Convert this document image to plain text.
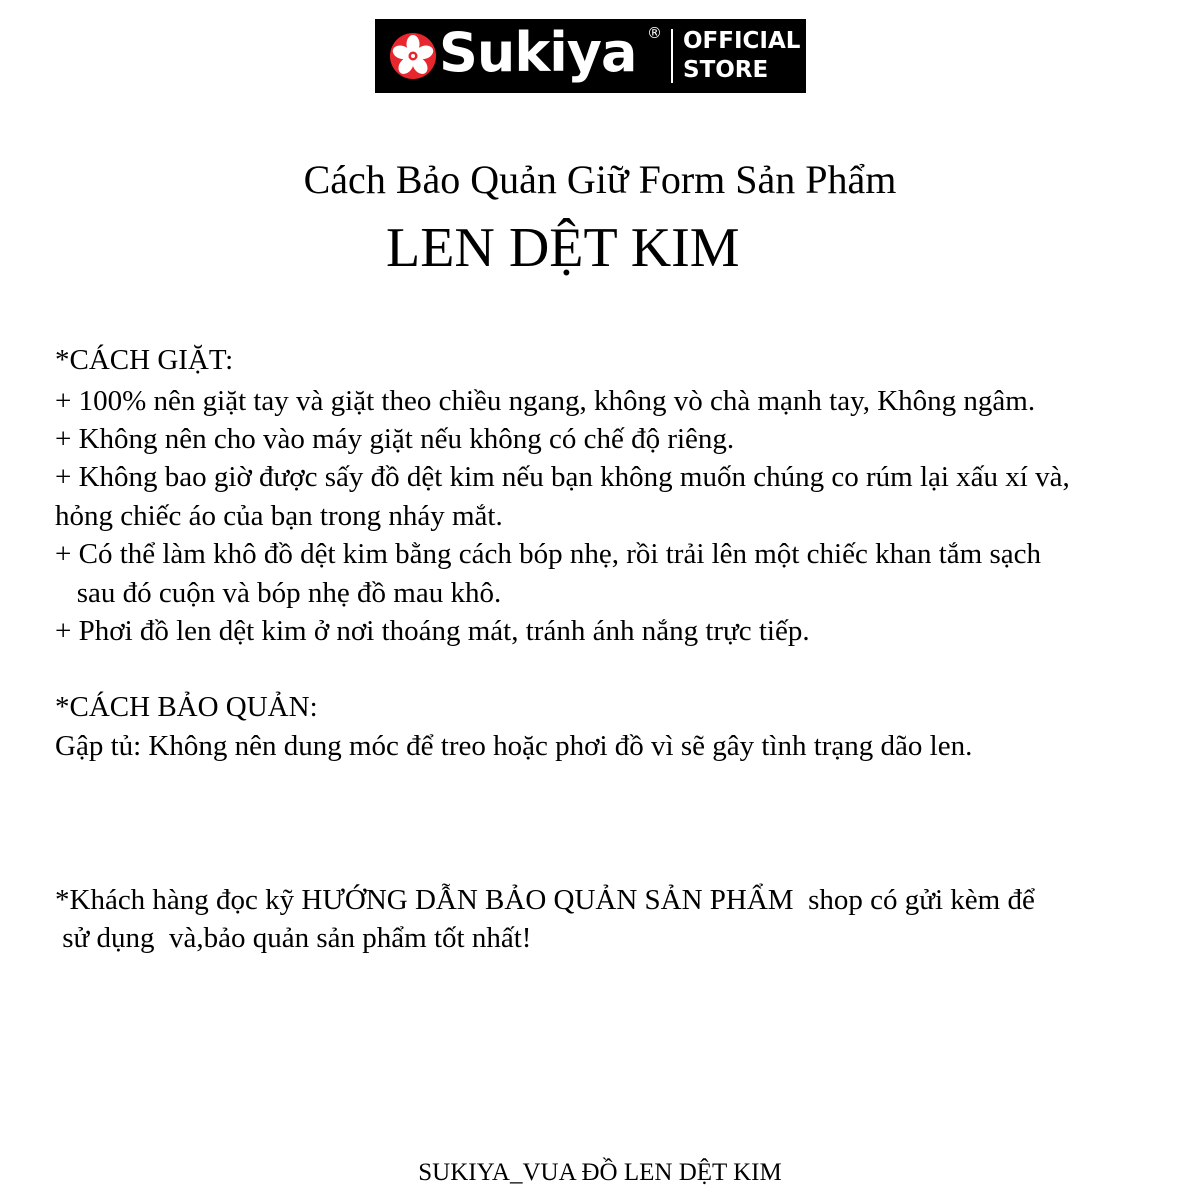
Sukiya ® OFFICIAL
STORE
Cách Bảo Quản Giữ Form Sản Phẩm
LEN DỆT KIM
*CÁCH GIẶT:
+ 100% nên giặt tay và giặt theo chiều ngang, không vò chà mạnh tay, Không ngâm.
+ Không nên cho vào máy giặt nếu không có chế độ riêng.
+ Không bao giờ được sấy đồ dệt kim nếu bạn không muốn chúng co rúm lại xấu xí và,
hỏng chiếc áo của bạn trong nháy mắt.
+ Có thể làm khô đồ dệt kim bằng cách bóp nhẹ, rồi trải lên một chiếc khan tắm sạch
sau đó cuộn và bóp nhẹ đồ mau khô.
+ Phơi đồ len dệt kim ở nơi thoáng mát, tránh ánh nắng trực tiếp.
*CÁCH BẢO QUẢN:
Gập tủ: Không nên dung móc để treo hoặc phơi đồ vì sẽ gây tình trạng dão len.
*Khách hàng đọc kỹ HƯỚNG DẪN BẢO QUẢN SẢN PHẨM  shop có gửi kèm để
sử dụng  và,bảo quản sản phẩm tốt nhất!
SUKIYA_VUA ĐỒ LEN DỆT KIM
